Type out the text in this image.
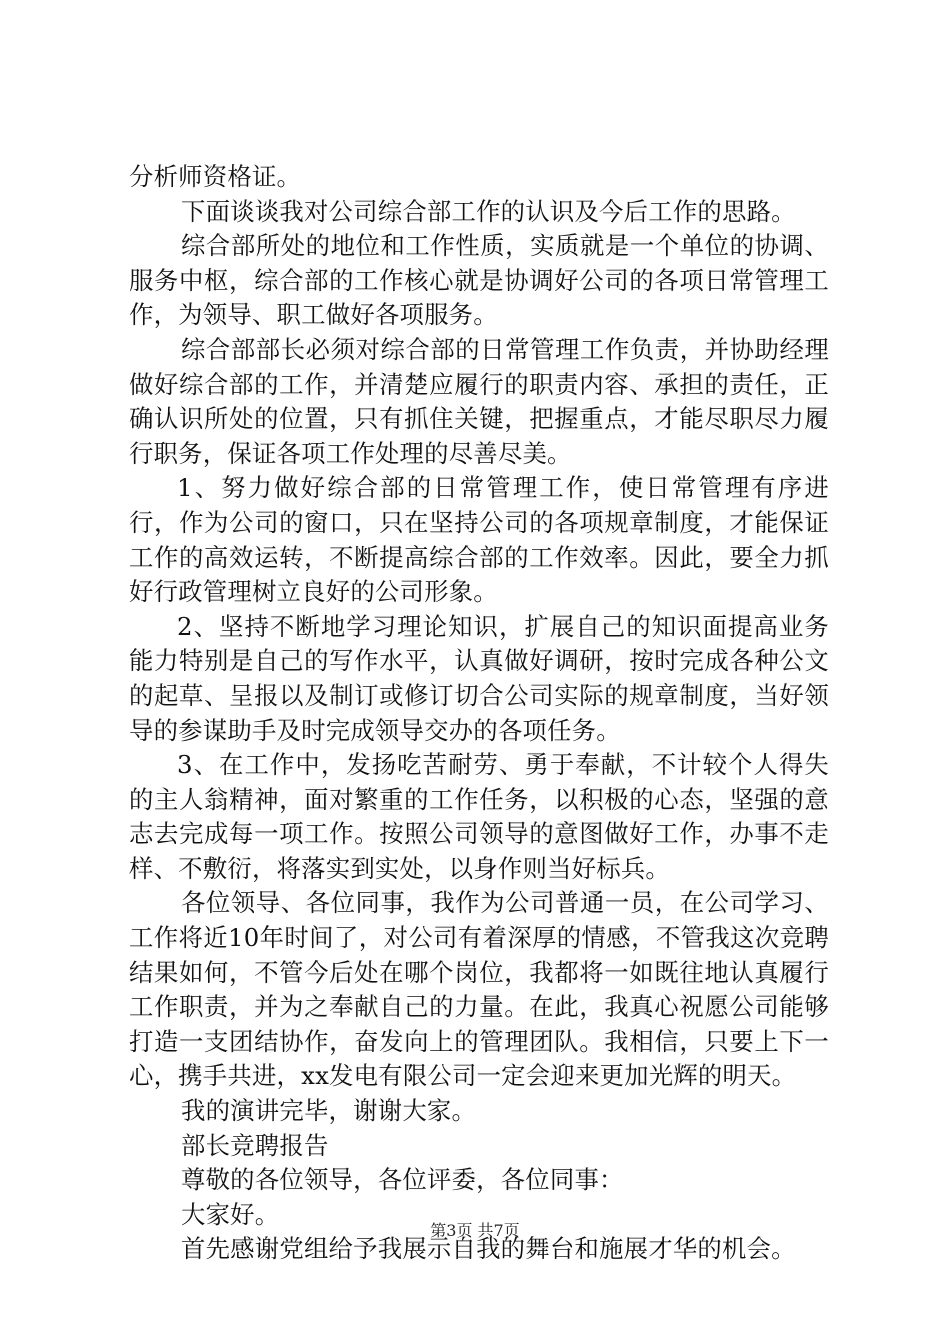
分析师资格证。

下面谈谈我对公司综合部工作的认识及今后工作的思路。

综合部所处的地位和工作性质，实质就是一个单位的协调、服务中枢，综合部的工作核心就是协调好公司的各项日常管理工作，为领导、职工做好各项服务。

综合部部长必须对综合部的日常管理工作负责，并协助经理做好综合部的工作，并清楚应履行的职责内容、承担的责任，正确认识所处的位置，只有抓住关键，把握重点，才能尽职尽力履行职务，保证各项工作处理的尽善尽美。

1、努力做好综合部的日常管理工作，使日常管理有序进行，作为公司的窗口，只在坚持公司的各项规章制度，才能保证工作的高效运转，不断提高综合部的工作效率。因此，要全力抓好行政管理树立良好的公司形象。

2、坚持不断地学习理论知识，扩展自己的知识面提高业务能力特别是自己的写作水平，认真做好调研，按时完成各种公文的起草、呈报以及制订或修订切合公司实际的规章制度，当好领导的参谋助手及时完成领导交办的各项任务。

3、在工作中，发扬吃苦耐劳、勇于奉献，不计较个人得失的主人翁精神，面对繁重的工作任务，以积极的心态，坚强的意志去完成每一项工作。按照公司领导的意图做好工作，办事不走样、不敷衍，将落实到实处，以身作则当好标兵。

各位领导、各位同事，我作为公司普通一员，在公司学习、工作将近10年时间了，对公司有着深厚的情感，不管我这次竞聘结果如何，不管今后处在哪个岗位，我都将一如既往地认真履行工作职责，并为之奉献自己的力量。在此，我真心祝愿公司能够打造一支团结协作，奋发向上的管理团队。我相信，只要上下一心，携手共进，xx发电有限公司一定会迎来更加光辉的明天。

我的演讲完毕，谢谢大家。

部长竞聘报告

尊敬的各位领导，各位评委，各位同事：

大家好。

首先感谢党组给予我展示自我的舞台和施展才华的机会。

第3页 共7页
